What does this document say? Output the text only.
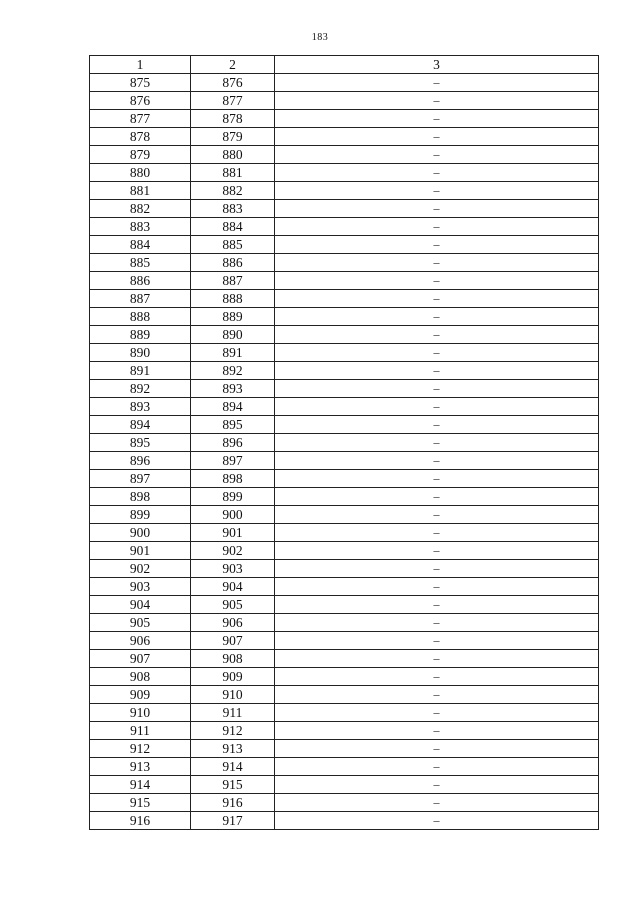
183
1	2	3
875	876	–
876	877	–
877	878	–
878	879	–
879	880	–
880	881	–
881	882	–
882	883	–
883	884	–
884	885	–
885	886	–
886	887	–
887	888	–
888	889	–
889	890	–
890	891	–
891	892	–
892	893	–
893	894	–
894	895	–
895	896	–
896	897	–
897	898	–
898	899	–
899	900	–
900	901	–
901	902	–
902	903	–
903	904	–
904	905	–
905	906	–
906	907	–
907	908	–
908	909	–
909	910	–
910	911	–
911	912	–
912	913	–
913	914	–
914	915	–
915	916	–
916	917	–
